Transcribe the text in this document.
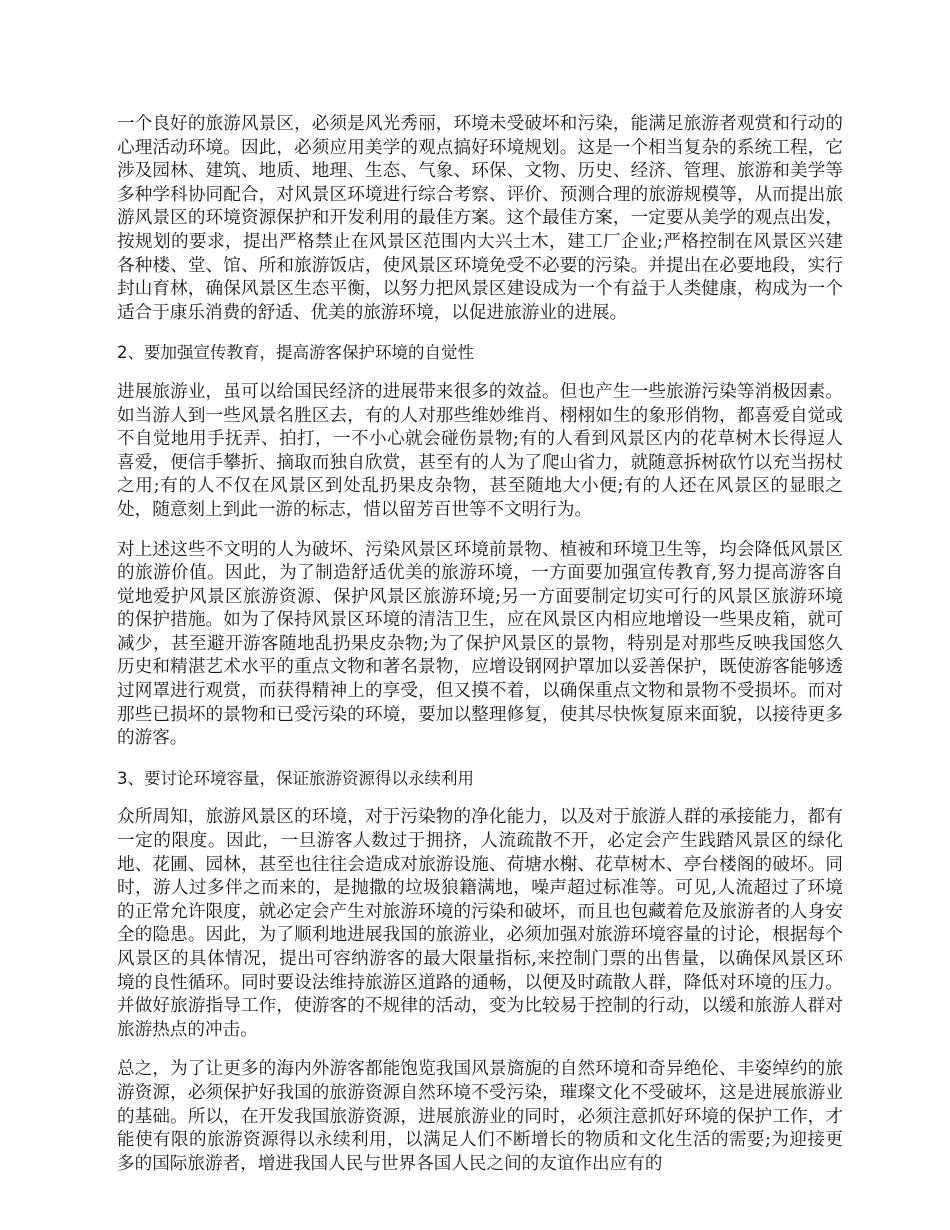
一个良好的旅游风景区，必须是风光秀丽，环境未受破坏和污染，能满足旅游者观赏和行动的心理活动环境。因此，必须应用美学的观点搞好环境规划。这是一个相当复杂的系统工程，它涉及园林、建筑、地质、地理、生态、气象、环保、文物、历史、经济、管理、旅游和美学等多种学科协同配合，对风景区环境进行综合考察、评价、预测合理的旅游规模等，从而提出旅游风景区的环境资源保护和开发利用的最佳方案。这个最佳方案，一定要从美学的观点出发，按规划的要求，提出严格禁止在风景区范围内大兴土木，建工厂企业;严格控制在风景区兴建各种楼、堂、馆、所和旅游饭店，使风景区环境免受不必要的污染。并提出在必要地段，实行封山育林，确保风景区生态平衡，以努力把风景区建设成为一个有益于人类健康，构成为一个适合于康乐消费的舒适、优美的旅游环境，以促进旅游业的进展。

2、要加强宣传教育，提高游客保护环境的自觉性

进展旅游业，虽可以给国民经济的进展带来很多的效益。但也产生一些旅游污染等消极因素。如当游人到一些风景名胜区去，有的人对那些维妙维肖、栩栩如生的象形俏物，都喜爱自觉或不自觉地用手抚弄、拍打，一不小心就会碰伤景物;有的人看到风景区内的花草树木长得逗人喜爱，便信手攀折、摘取而独自欣赏，甚至有的人为了爬山省力，就随意拆树砍竹以充当拐杖之用;有的人不仅在风景区到处乱扔果皮杂物，甚至随地大小便;有的人还在风景区的显眼之处，随意刻上到此一游的标志，惜以留芳百世等不文明行为。

对上述这些不文明的人为破坏、污染风景区环境前景物、植被和环境卫生等，均会降低风景区的旅游价值。因此，为了制造舒适优美的旅游环境，一方面要加强宣传教育,努力提高游客自觉地爱护风景区旅游资源、保护风景区旅游环境;另一方面要制定切实可行的风景区旅游环境的保护措施。如为了保持风景区环境的清洁卫生，应在风景区内相应地增设一些果皮箱，就可减少，甚至避开游客随地乱扔果皮杂物;为了保护风景区的景物，特别是对那些反映我国悠久历史和精湛艺术水平的重点文物和著名景物，应增设钢网护罩加以妥善保护，既使游客能够透过网罩进行观赏，而获得精神上的享受，但又摸不着，以确保重点文物和景物不受损坏。而对那些已损坏的景物和已受污染的环境，要加以整理修复，使其尽快恢复原来面貌，以接待更多的游客。

3、要讨论环境容量，保证旅游资源得以永续利用

众所周知，旅游风景区的环境，对于污染物的净化能力，以及对于旅游人群的承接能力，都有一定的限度。因此，一旦游客人数过于拥挤，人流疏散不开，必定会产生践踏风景区的绿化地、花圃、园林，甚至也往往会造成对旅游设施、荷塘水榭、花草树木、亭台楼阁的破坏。同时，游人过多伴之而来的，是抛撒的垃圾狼籍满地，噪声超过标准等。可见,人流超过了环境的正常允许限度，就必定会产生对旅游环境的污染和破坏，而且也包藏着危及旅游者的人身安全的隐患。因此，为了顺利地进展我国的旅游业，必须加强对旅游环境容量的讨论，根据每个风景区的具体情况，提出可容纳游客的最大限量指标,来控制门票的出售量，以确保风景区环境的良性循环。同时要设法维持旅游区道路的通畅，以便及时疏散人群，降低对环境的压力。并做好旅游指导工作，使游客的不规律的活动，变为比较易于控制的行动，以缓和旅游人群对旅游热点的冲击。

总之，为了让更多的海内外游客都能饱览我国风景旖旎的自然环境和奇异绝伦、丰姿绰约的旅游资源，必须保护好我国的旅游资源自然环境不受污染，璀璨文化不受破坏，这是进展旅游业的基础。所以，在开发我国旅游资源，进展旅游业的同时，必须注意抓好环境的保护工作，才能使有限的旅游资源得以永续利用，以满足人们不断增长的物质和文化生活的需要;为迎接更多的国际旅游者，增进我国人民与世界各国人民之间的友谊作出应有的
